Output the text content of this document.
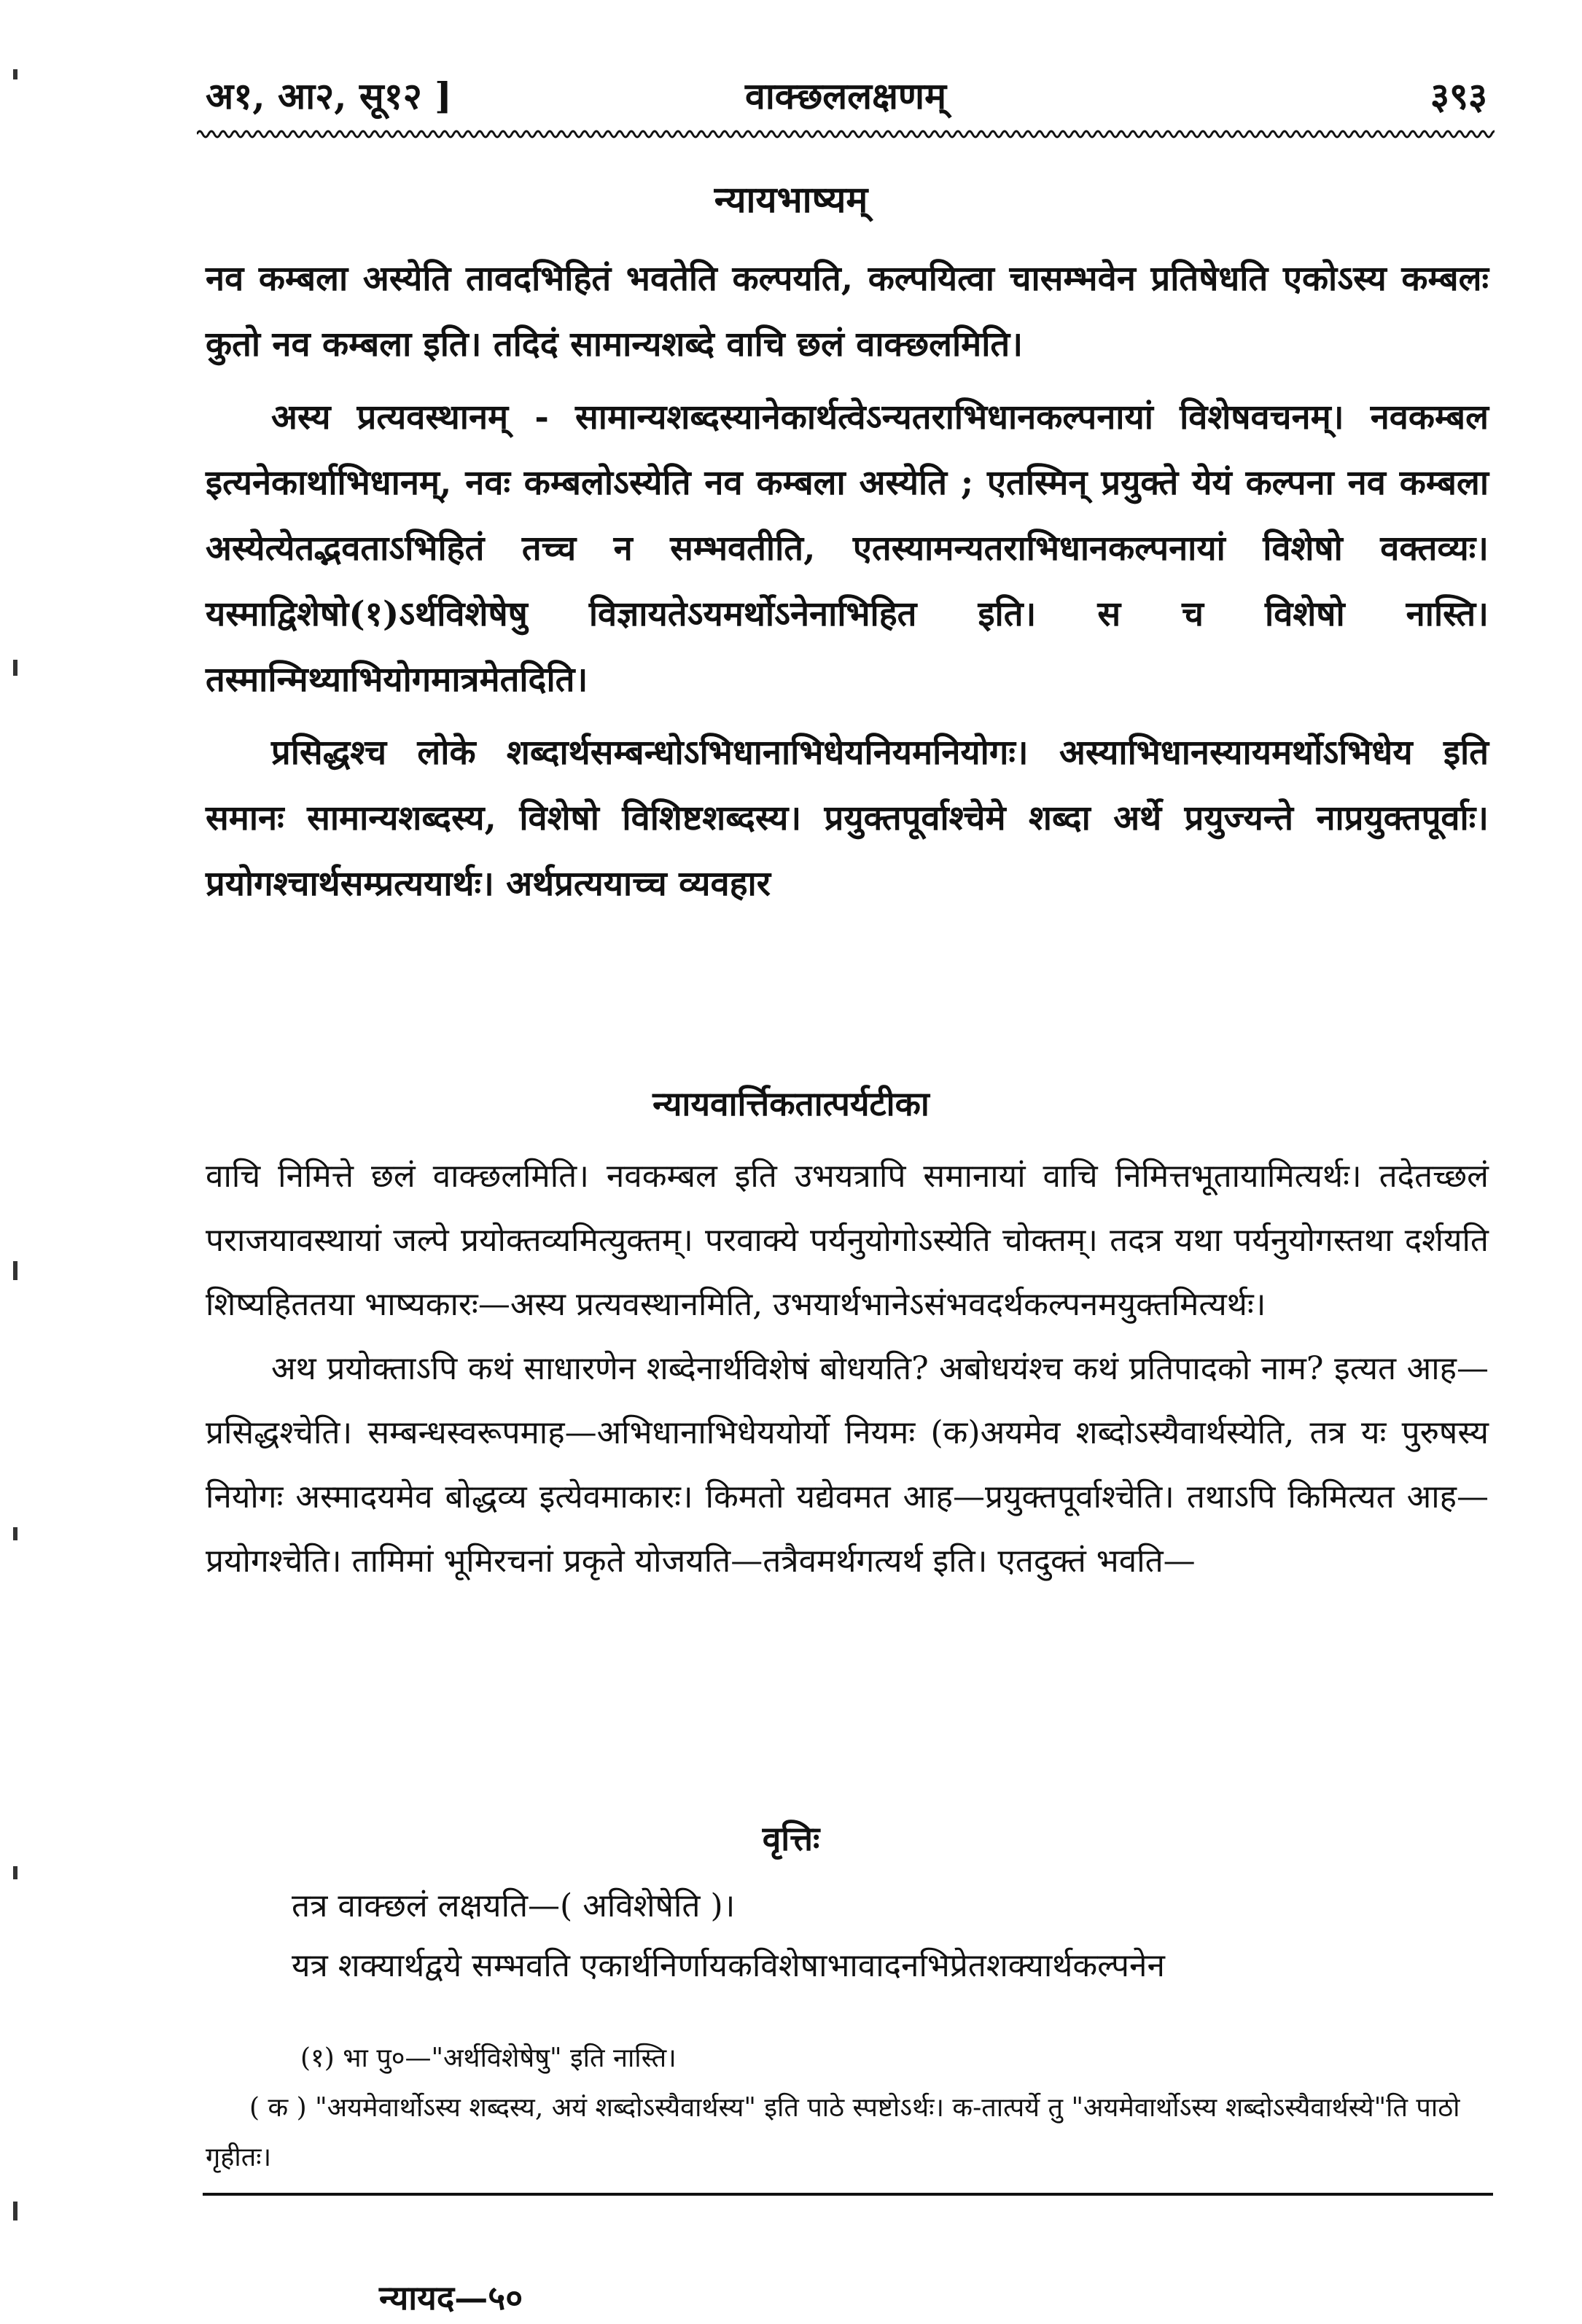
अ१, आ२, सू१२ ]	वाक्छललक्षणम्	३९३
न्यायभाष्यम्

नव कम्बला अस्येति तावदभिहितं भवतेति कल्पयति, कल्पयित्वा चासम्भवेन प्रतिषेधति एकोऽस्य कम्बलः कुतो नव कम्बला इति। तदिदं सामान्यशब्दे वाचि छलं वाक्छलमिति।

अस्य प्रत्यवस्थानम् - सामान्यशब्दस्यानेकार्थत्वेऽन्यतराभिधानकल्पनायां विशेषवचनम्। नवकम्बल इत्यनेकार्थाभिधानम्, नवः कम्बलोऽस्येति नव कम्बला अस्येति ; एतस्मिन् प्रयुक्ते येयं कल्पना नव कम्बला अस्येत्येतद्भवताऽभिहितं तच्च न सम्भवतीति, एतस्यामन्यतराभिधानकल्पनायां विशेषो वक्तव्यः। यस्माद्विशेषो(१)ऽर्थविशेषेषु विज्ञायतेऽयमर्थोऽनेनाभिहित इति। स च विशेषो नास्ति। तस्मान्मिथ्याभियोगमात्रमेतदिति।

प्रसिद्धश्च लोके शब्दार्थसम्बन्धोऽभिधानाभिधेयनियमनियोगः। अस्याभिधानस्यायमर्थोऽभिधेय इति समानः सामान्यशब्दस्य, विशेषो विशिष्टशब्दस्य। प्रयुक्तपूर्वाश्चेमे शब्दा अर्थे प्रयुज्यन्ते नाप्रयुक्तपूर्वाः। प्रयोगश्चार्थसम्प्रत्ययार्थः। अर्थप्रत्ययाच्च व्यवहार

न्यायवार्त्तिकतात्पर्यटीका

वाचि निमित्ते छलं वाक्छलमिति। नवकम्बल इति उभयत्रापि समानायां वाचि निमित्तभूतायामित्यर्थः। तदेतच्छलं पराजयावस्थायां जल्पे प्रयोक्तव्यमित्युक्तम्। परवाक्ये पर्यनुयोगोऽस्येति चोक्तम्। तदत्र यथा पर्यनुयोगस्तथा दर्शयति शिष्यहिततया भाष्यकारः—अस्य प्रत्यवस्थानमिति, उभयार्थभानेऽसंभवदर्थकल्पनमयुक्तमित्यर्थः।

अथ प्रयोक्ताऽपि कथं साधारणेन शब्देनार्थविशेषं बोधयति? अबोधयंश्च कथं प्रतिपादको नाम? इत्यत आह—प्रसिद्धश्चेति। सम्बन्धस्वरूपमाह—अभिधानाभिधेययोर्यो नियमः (क)अयमेव शब्दोऽस्यैवार्थस्येति, तत्र यः पुरुषस्य नियोगः अस्मादयमेव बोद्धव्य इत्येवमाकारः। किमतो यद्येवमत आह—प्रयुक्तपूर्वाश्चेति। तथाऽपि किमित्यत आह—प्रयोगश्चेति। तामिमां भूमिरचनां प्रकृते योजयति—तत्रैवमर्थगत्यर्थ इति। एतदुक्तं भवति—

वृत्तिः

तत्र वाक्छलं लक्षयति—( अविशेषेति )।

यत्र शक्यार्थद्वये सम्भवति एकार्थनिर्णायकविशेषाभावादनभिप्रेतशक्यार्थकल्पनेन

(१) भा पु०—"अर्थविशेषेषु" इति नास्ति।

( क ) "अयमेवार्थोऽस्य शब्दस्य, अयं शब्दोऽस्यैवार्थस्य" इति पाठे स्पष्टोऽर्थः। क-तात्पर्ये तु "अयमेवार्थोऽस्य शब्दोऽस्यैवार्थस्ये"ति पाठो गृहीतः।

न्यायद—५०
